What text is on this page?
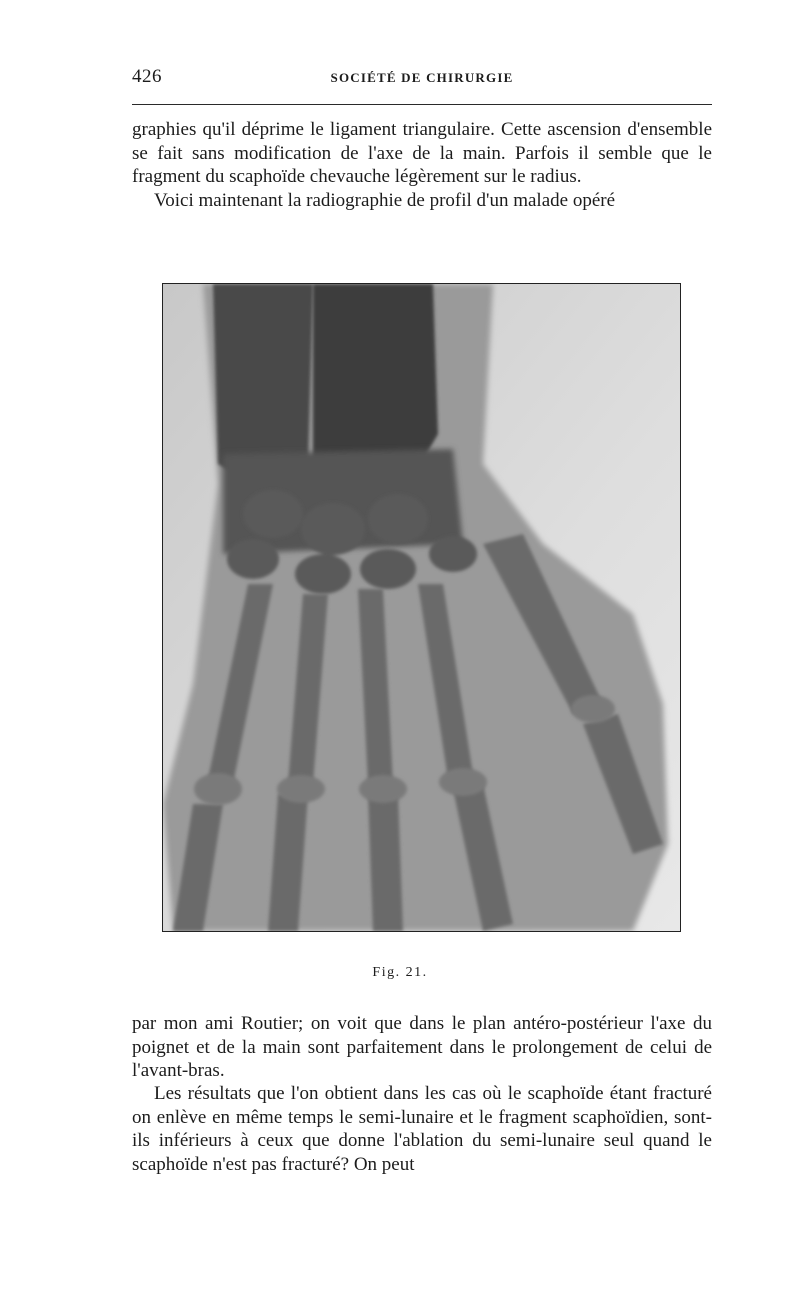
426	SOCIÉTÉ DE CHIRURGIE

graphies qu'il déprime le ligament triangulaire. Cette ascension d'ensemble se fait sans modification de l'axe de la main. Parfois il semble que le fragment du scaphoïde chevauche légèrement sur le radius.
Voici maintenant la radiographie de profil d'un malade opéré

Fig. 21.

par mon ami Routier; on voit que dans le plan antéro-postérieur l'axe du poignet et de la main sont parfaitement dans le prolongement de celui de l'avant-bras.

Les résultats que l'on obtient dans les cas où le scaphoïde étant fracturé on enlève en même temps le semi-lunaire et le fragment scaphoïdien, sont-ils inférieurs à ceux que donne l'ablation du semi-lunaire seul quand le scaphoïde n'est pas fracturé? On peut
